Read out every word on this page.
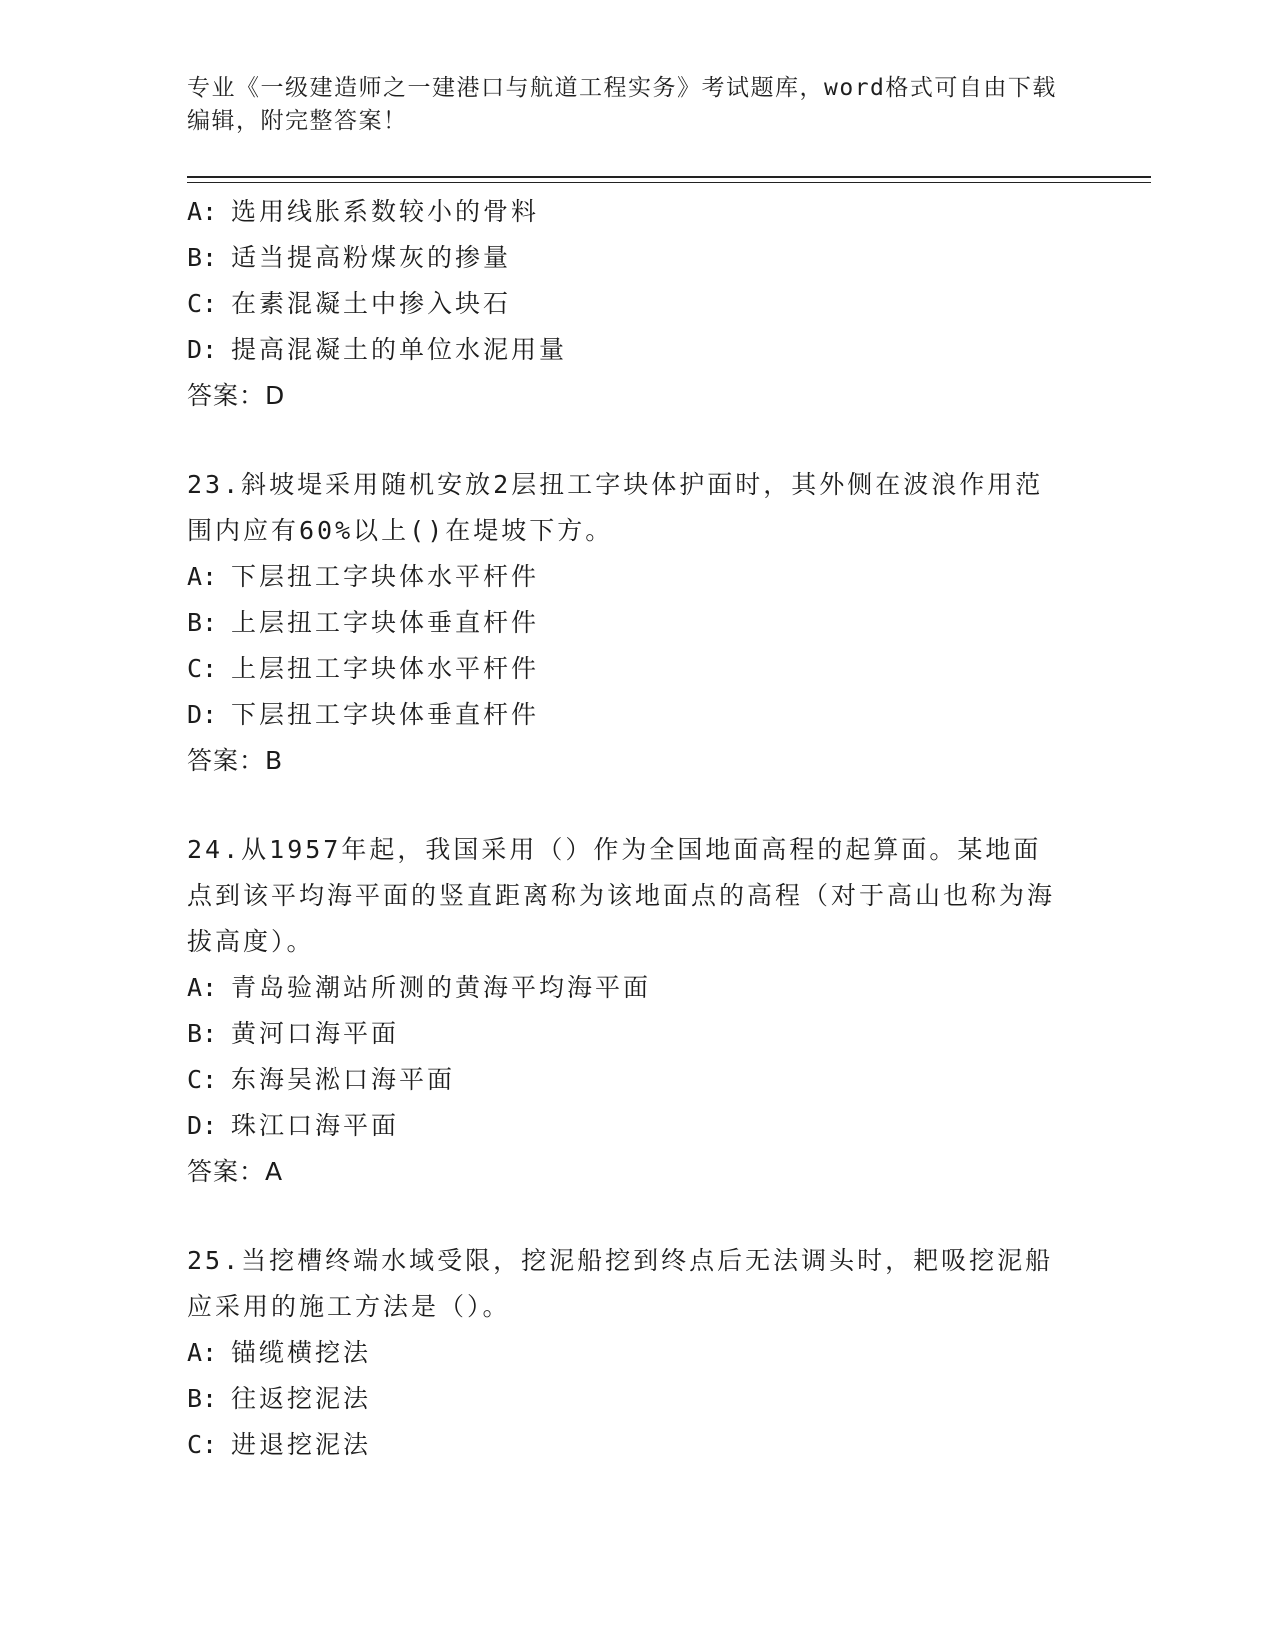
专业《一级建造师之一建港口与航道工程实务》考试题库，word格式可自由下载编辑，附完整答案！
A: 选用线胀系数较小的骨料
B: 适当提高粉煤灰的掺量
C: 在素混凝土中掺入块石
D: 提高混凝土的单位水泥用量
答案：D
23.斜坡堤采用随机安放2层扭工字块体护面时，其外侧在波浪作用范围内应有60%以上()在堤坡下方。
A: 下层扭工字块体水平杆件
B: 上层扭工字块体垂直杆件
C: 上层扭工字块体水平杆件
D: 下层扭工字块体垂直杆件
答案：B
24.从1957年起，我国采用（）作为全国地面高程的起算面。某地面点到该平均海平面的竖直距离称为该地面点的高程（对于高山也称为海拔高度）。
A: 青岛验潮站所测的黄海平均海平面
B: 黄河口海平面
C: 东海吴淞口海平面
D: 珠江口海平面
答案：A
25.当挖槽终端水域受限，挖泥船挖到终点后无法调头时，耙吸挖泥船应采用的施工方法是（）。
A: 锚缆横挖法
B: 往返挖泥法
C: 进退挖泥法
